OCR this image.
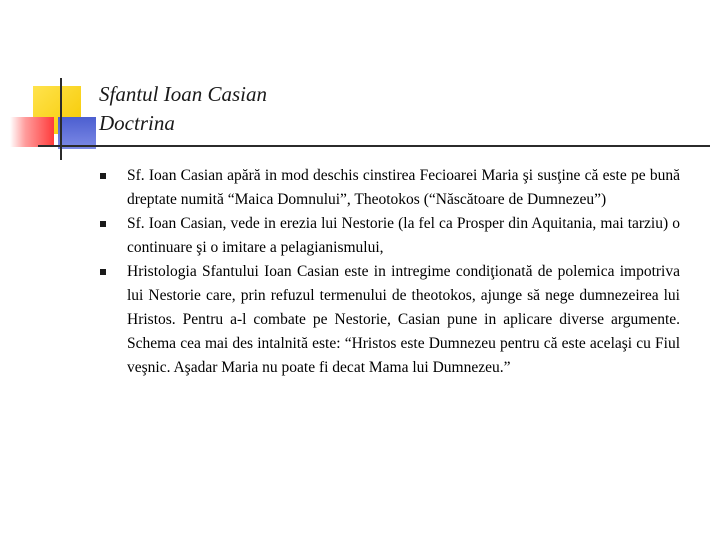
Sfantul Ioan Casian
Doctrina

Sf. Ioan Casian apără in mod deschis cinstirea Fecioarei Maria şi susţine că este pe bună dreptate numită “Maica Domnului”, Theotokos (“Născătoare de Dumnezeu”)

Sf. Ioan Casian, vede in erezia lui Nestorie (la fel ca Prosper din Aquitania, mai tarziu) o continuare şi o imitare a pelagianismului,

Hristologia Sfantului Ioan Casian este in intregime condiţionată de polemica impotriva lui Nestorie care, prin refuzul termenului de theotokos, ajunge să nege dumnezeirea lui Hristos. Pentru a-l combate pe Nestorie, Casian pune in aplicare diverse argumente. Schema cea mai des intalnită este: “Hristos este Dumnezeu pentru că este acelaşi cu Fiul veşnic. Aşadar Maria nu poate fi decat Mama lui Dumnezeu.”
